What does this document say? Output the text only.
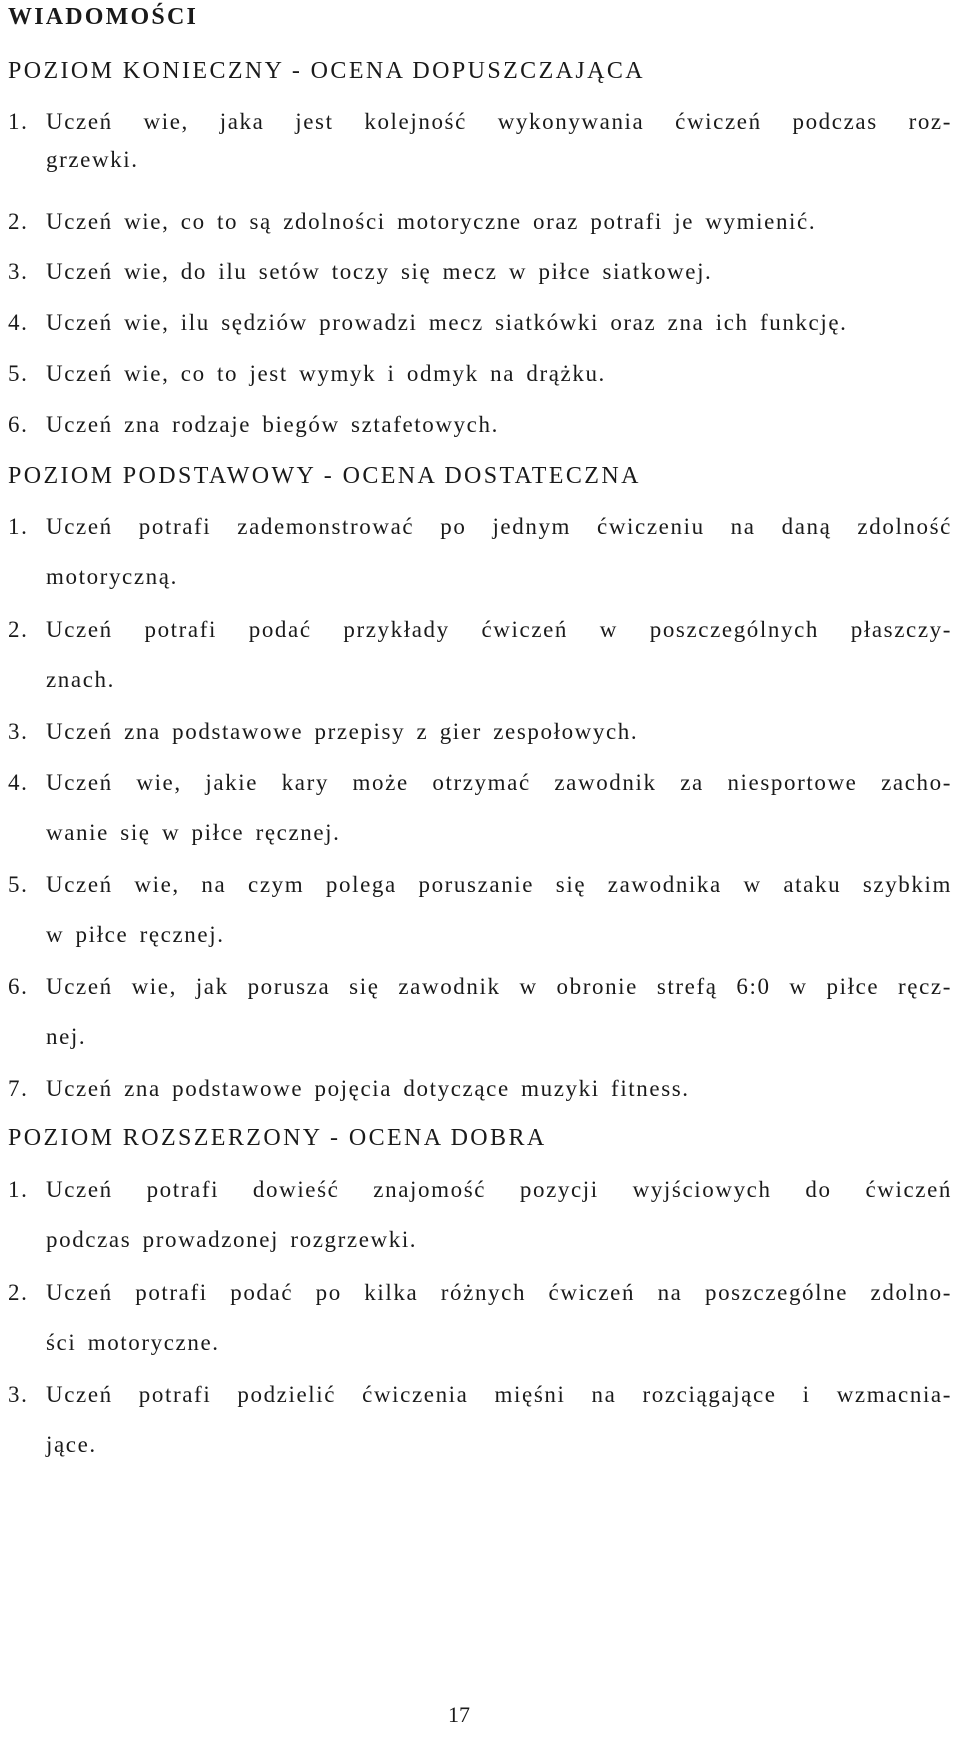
WIADOMOŚCI
POZIOM KONIECZNY - OCENA DOPUSZCZAJĄCA
1. Uczeń wie, jaka jest kolejność wykonywania ćwiczeń podczas roz-
grzewki.
2. Uczeń wie, co to są zdolności motoryczne oraz potrafi je wymienić.
3. Uczeń wie, do ilu setów toczy się mecz w piłce siatkowej.
4. Uczeń wie, ilu sędziów prowadzi mecz siatkówki oraz zna ich funkcję.
5. Uczeń wie, co to jest wymyk i odmyk na drążku.
6. Uczeń zna rodzaje biegów sztafetowych.
POZIOM PODSTAWOWY - OCENA DOSTATECZNA
1. Uczeń potrafi zademonstrować po jednym ćwiczeniu na daną zdolność
motoryczną.
2. Uczeń potrafi podać przykłady ćwiczeń w poszczególnych płaszczy-
znach.
3. Uczeń zna podstawowe przepisy z gier zespołowych.
4. Uczeń wie, jakie kary może otrzymać zawodnik za niesportowe zacho-
wanie się w piłce ręcznej.
5. Uczeń wie, na czym polega poruszanie się zawodnika w ataku szybkim
w piłce ręcznej.
6. Uczeń wie, jak porusza się zawodnik w obronie strefą 6:0 w piłce ręcz-
nej.
7. Uczeń zna podstawowe pojęcia dotyczące muzyki fitness.
POZIOM ROZSZERZONY - OCENA DOBRA
1. Uczeń potrafi dowieść znajomość pozycji wyjściowych do ćwiczeń
podczas prowadzonej rozgrzewki.
2. Uczeń potrafi podać po kilka różnych ćwiczeń na poszczególne zdolno-
ści motoryczne.
3. Uczeń potrafi podzielić ćwiczenia mięśni na rozciągające i wzmacnia-
jące.
17
